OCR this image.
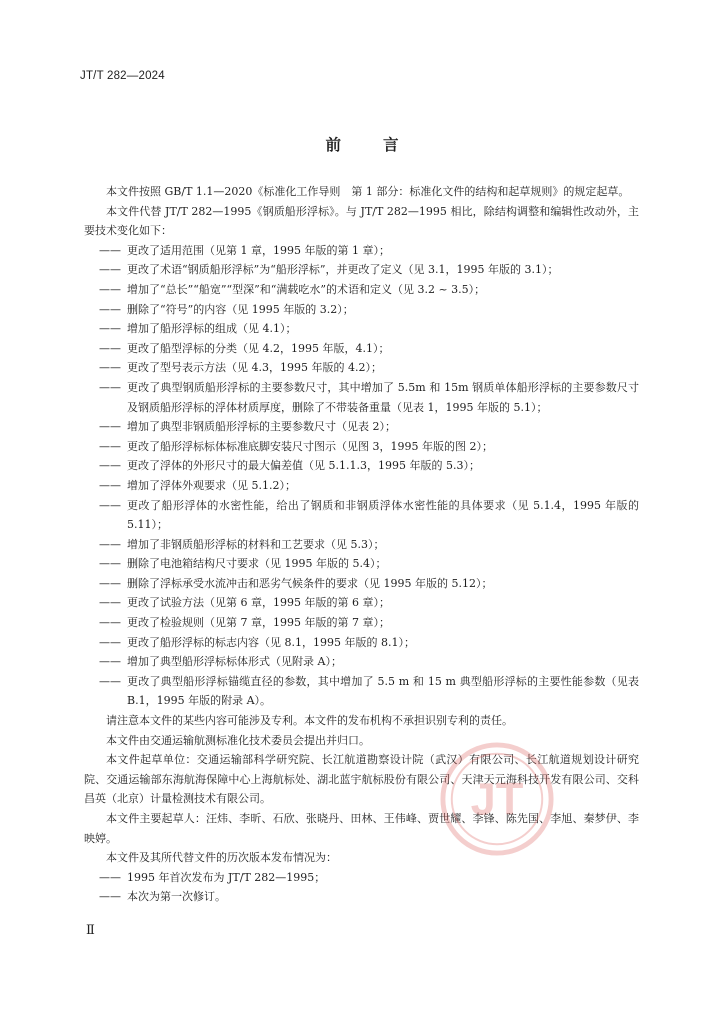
JT/T 282—2024
前	言

本文件按照 GB/T 1.1—2020《标准化工作导则　第 1 部分：标准化文件的结构和起草规则》的规定起草。

本文件代替 JT/T 282—1995《钢质船形浮标》。与 JT/T 282—1995 相比，除结构调整和编辑性改动外，主要技术变化如下：

—— 更改了适用范围（见第 1 章，1995 年版的第 1 章）；

—— 更改了术语“钢质船形浮标”为“船形浮标”，并更改了定义（见 3.1，1995 年版的 3.1）；

—— 增加了“总长”“船宽”“型深”和“满载吃水”的术语和定义（见 3.2 ~ 3.5）；

—— 删除了“符号”的内容（见 1995 年版的 3.2）；

—— 增加了船形浮标的组成（见 4.1）；

—— 更改了船型浮标的分类（见 4.2，1995 年版，4.1）；

—— 更改了型号表示方法（见 4.3，1995 年版的 4.2）；

—— 更改了典型钢质船形浮标的主要参数尺寸，其中增加了 5.5m 和 15m 钢质单体船形浮标的主要参数尺寸及钢质船形浮标的浮体材质厚度，删除了不带装备重量（见表 1，1995 年版的 5.1）；

—— 增加了典型非钢质船形浮标的主要参数尺寸（见表 2）；

—— 更改了船形浮标标体标准底脚安装尺寸图示（见图 3，1995 年版的图 2）；

—— 更改了浮体的外形尺寸的最大偏差值（见 5.1.1.3，1995 年版的 5.3）；

—— 增加了浮体外观要求（见 5.1.2）；

—— 更改了船形浮体的水密性能，给出了钢质和非钢质浮体水密性能的具体要求（见 5.1.4，1995 年版的 5.11）；

—— 增加了非钢质船形浮标的材料和工艺要求（见 5.3）；

—— 删除了电池箱结构尺寸要求（见 1995 年版的 5.4）；

—— 删除了浮标承受水流冲击和恶劣气候条件的要求（见 1995 年版的 5.12）；

—— 更改了试验方法（见第 6 章，1995 年版的第 6 章）；

—— 更改了检验规则（见第 7 章，1995 年版的第 7 章）；

—— 更改了船形浮标的标志内容（见 8.1，1995 年版的 8.1）；

—— 增加了典型船形浮标标体形式（见附录 A）；

—— 更改了典型船形浮标锚缆直径的参数，其中增加了 5.5 m 和 15 m 典型船形浮标的主要性能参数（见表 B.1，1995 年版的附录 A）。

请注意本文件的某些内容可能涉及专利。本文件的发布机构不承担识别专利的责任。

本文件由交通运输航测标准化技术委员会提出并归口。

本文件起草单位：交通运输部科学研究院、长江航道勘察设计院（武汉）有限公司、长江航道规划设计研究院、交通运输部东海航海保障中心上海航标处、湖北蓝宇航标股份有限公司、天津天元海科技开发有限公司、交科昌英（北京）计量检测技术有限公司。

本文件主要起草人：汪炜、李昕、石欣、张晓丹、田林、王伟峰、贾世耀、李锋、陈先国、李旭、秦梦伊、李映婷。

本文件及其所代替文件的历次版本发布情况为：

—— 1995 年首次发布为 JT/T 282—1995；

—— 本次为第一次修订。

JT
Ⅱ
